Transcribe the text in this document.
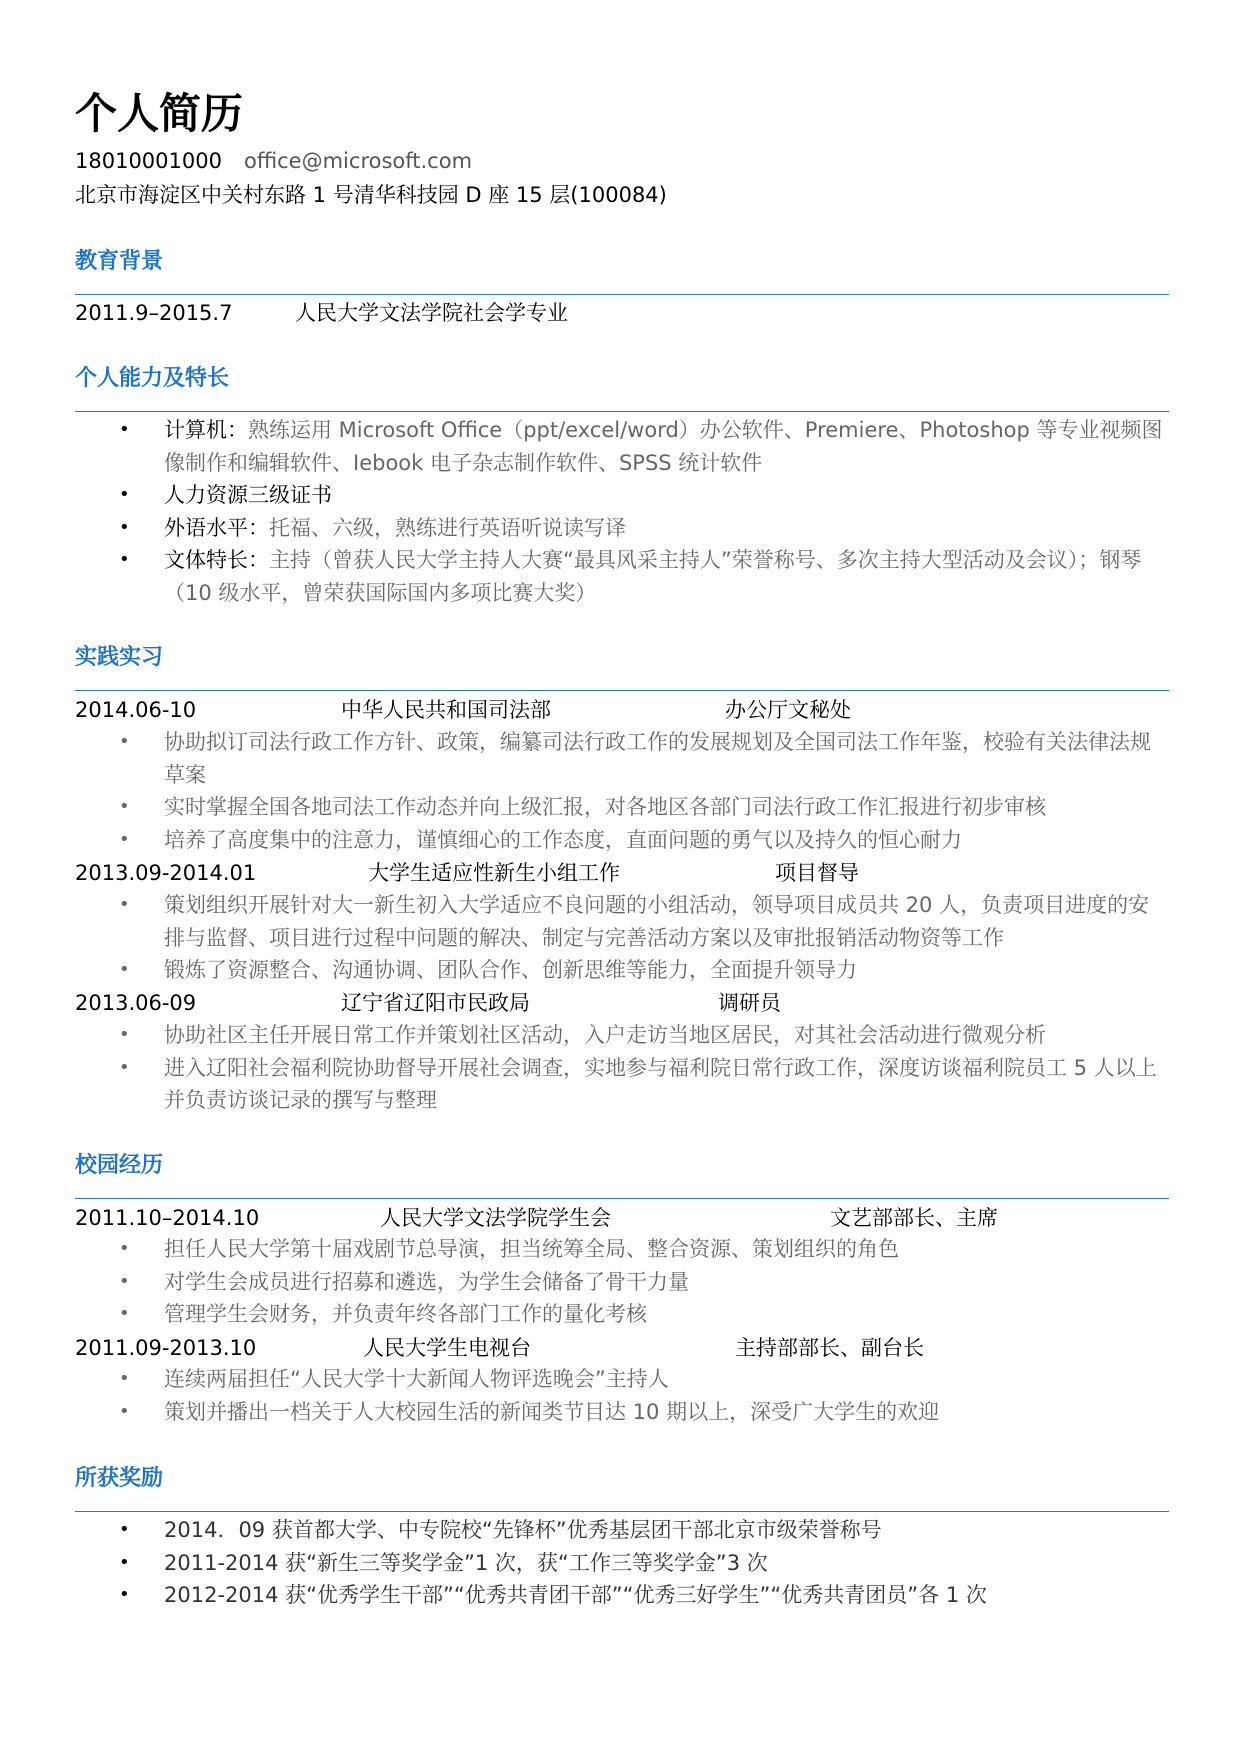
个人简历
18010001000 office@microsoft.com
北京市海淀区中关村东路 1 号清华科技园 D 座 15 层(100084)
教育背景
2011.9–2015.7	人民大学文法学院社会学专业
个人能力及特长
• 计算机：熟练运用 Microsoft Office（ppt/excel/word）办公软件、Premiere、Photoshop 等专业视频图像制作和编辑软件、Iebook 电子杂志制作软件、SPSS 统计软件
• 人力资源三级证书
• 外语水平：托福、六级，熟练进行英语听说读写译
• 文体特长：主持（曾获人民大学主持人大赛“最具风采主持人”荣誉称号、多次主持大型活动及会议）；钢琴（10 级水平，曾荣获国际国内多项比赛大奖）
实践实习
2014.06-10	中华人民共和国司法部	办公厅文秘处
• 协助拟订司法行政工作方针、政策，编纂司法行政工作的发展规划及全国司法工作年鉴，校验有关法律法规草案
• 实时掌握全国各地司法工作动态并向上级汇报，对各地区各部门司法行政工作汇报进行初步审核
• 培养了高度集中的注意力，谨慎细心的工作态度，直面问题的勇气以及持久的恒心耐力
2013.09-2014.01	大学生适应性新生小组工作	项目督导
• 策划组织开展针对大一新生初入大学适应不良问题的小组活动，领导项目成员共 20 人，负责项目进度的安排与监督、项目进行过程中问题的解决、制定与完善活动方案以及审批报销活动物资等工作
• 锻炼了资源整合、沟通协调、团队合作、创新思维等能力，全面提升领导力
2013.06-09	辽宁省辽阳市民政局	调研员
• 协助社区主任开展日常工作并策划社区活动，入户走访当地区居民，对其社会活动进行微观分析
• 进入辽阳社会福利院协助督导开展社会调查，实地参与福利院日常行政工作，深度访谈福利院员工 5 人以上并负责访谈记录的撰写与整理
校园经历
2011.10–2014.10	人民大学文法学院学生会	文艺部部长、主席
• 担任人民大学第十届戏剧节总导演，担当统筹全局、整合资源、策划组织的角色
• 对学生会成员进行招募和遴选，为学生会储备了骨干力量
• 管理学生会财务，并负责年终各部门工作的量化考核
2011.09-2013.10	人民大学生电视台	主持部部长、副台长
• 连续两届担任“人民大学十大新闻人物评选晚会”主持人
• 策划并播出一档关于人大校园生活的新闻类节目达 10 期以上，深受广大学生的欢迎
所获奖励
• 2014．09 获首都大学、中专院校“先锋杯”优秀基层团干部北京市级荣誉称号
• 2011-2014 获“新生三等奖学金”1 次，获“工作三等奖学金”3 次
• 2012-2014 获“优秀学生干部”“优秀共青团干部”“优秀三好学生”“优秀共青团员”各 1 次
